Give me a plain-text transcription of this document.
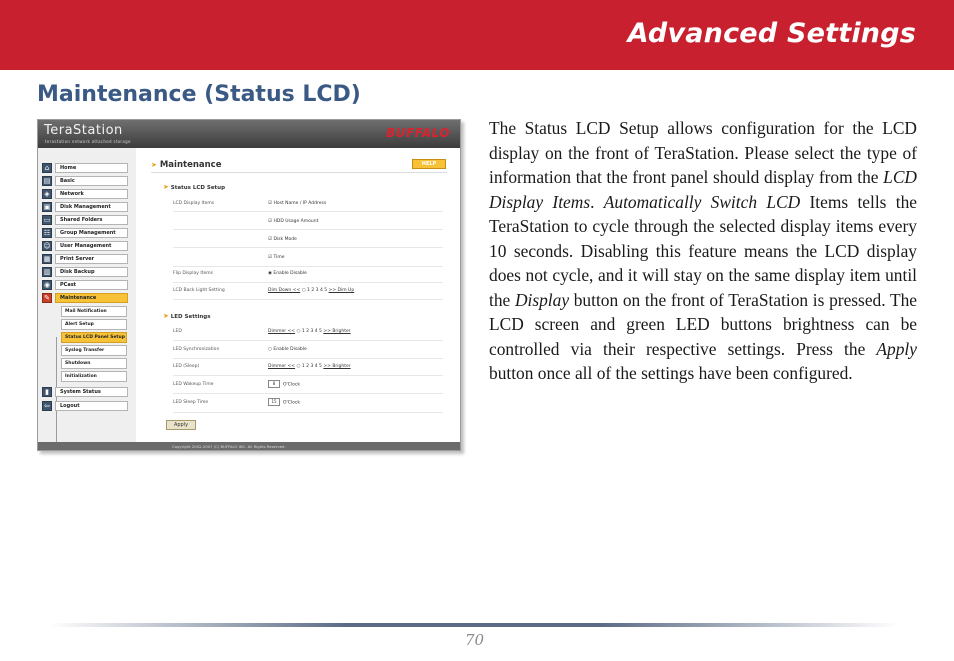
Advanced Settings
Maintenance (Status LCD)
TeraStation
terastation network attached storage
BUFFALO
⌂	Home
▤	Basic
◈	Network
▣	Disk Management
▭	Shared Folders
☷	Group Management
☺	User Management
▦	Print Server
▥	Disk Backup
◉	PCast
✎	Maintenance
Mail Notification
Alert Setup
Status LCD Panel Setup
Syslog Transfer
Shutdown
Initialization
▮	System Status
⇦	Logout
➤ Maintenance	HELP
➤ Status LCD Setup
LCD Display Items	☑ Host Name / IP Address
☑ HDD Usage Amount
☑ Disk Mode
☑ Time
Flip Display Items	◉ Enable Disable
LCD Back Light Setting	Dim Down << ○ 1 2 3 4 5 >> Dim Up
➤ LED Settings
LED	Dimmer << ○ 1 2 3 4 5 >> Brighter
LED Synchronization	○ Enable Disable
LED (Sleep)	Dimmer << ○ 1 2 3 4 5 >> Brighter
LED Wakeup Time	8 O'Clock
LED Sleep Time	15 O'Clock
Apply
Copyright 2002-2007 (C) BUFFALO INC. All Rights Reserved.
The Status LCD Setup allows configuration for the LCD display on the front of TeraStation. Please select the type of information that the front panel should display from the LCD Display Items. Automatically Switch LCD Items tells the TeraStation to cycle through the selected display items every 10 seconds. Disabling this feature means the LCD display does not cycle, and it will stay on the same display item until the Display button on the front of TeraStation is pressed. The LCD screen and green LED buttons brightness can be controlled via their respective settings. Press the Apply button once all of the settings have been configured.
70
